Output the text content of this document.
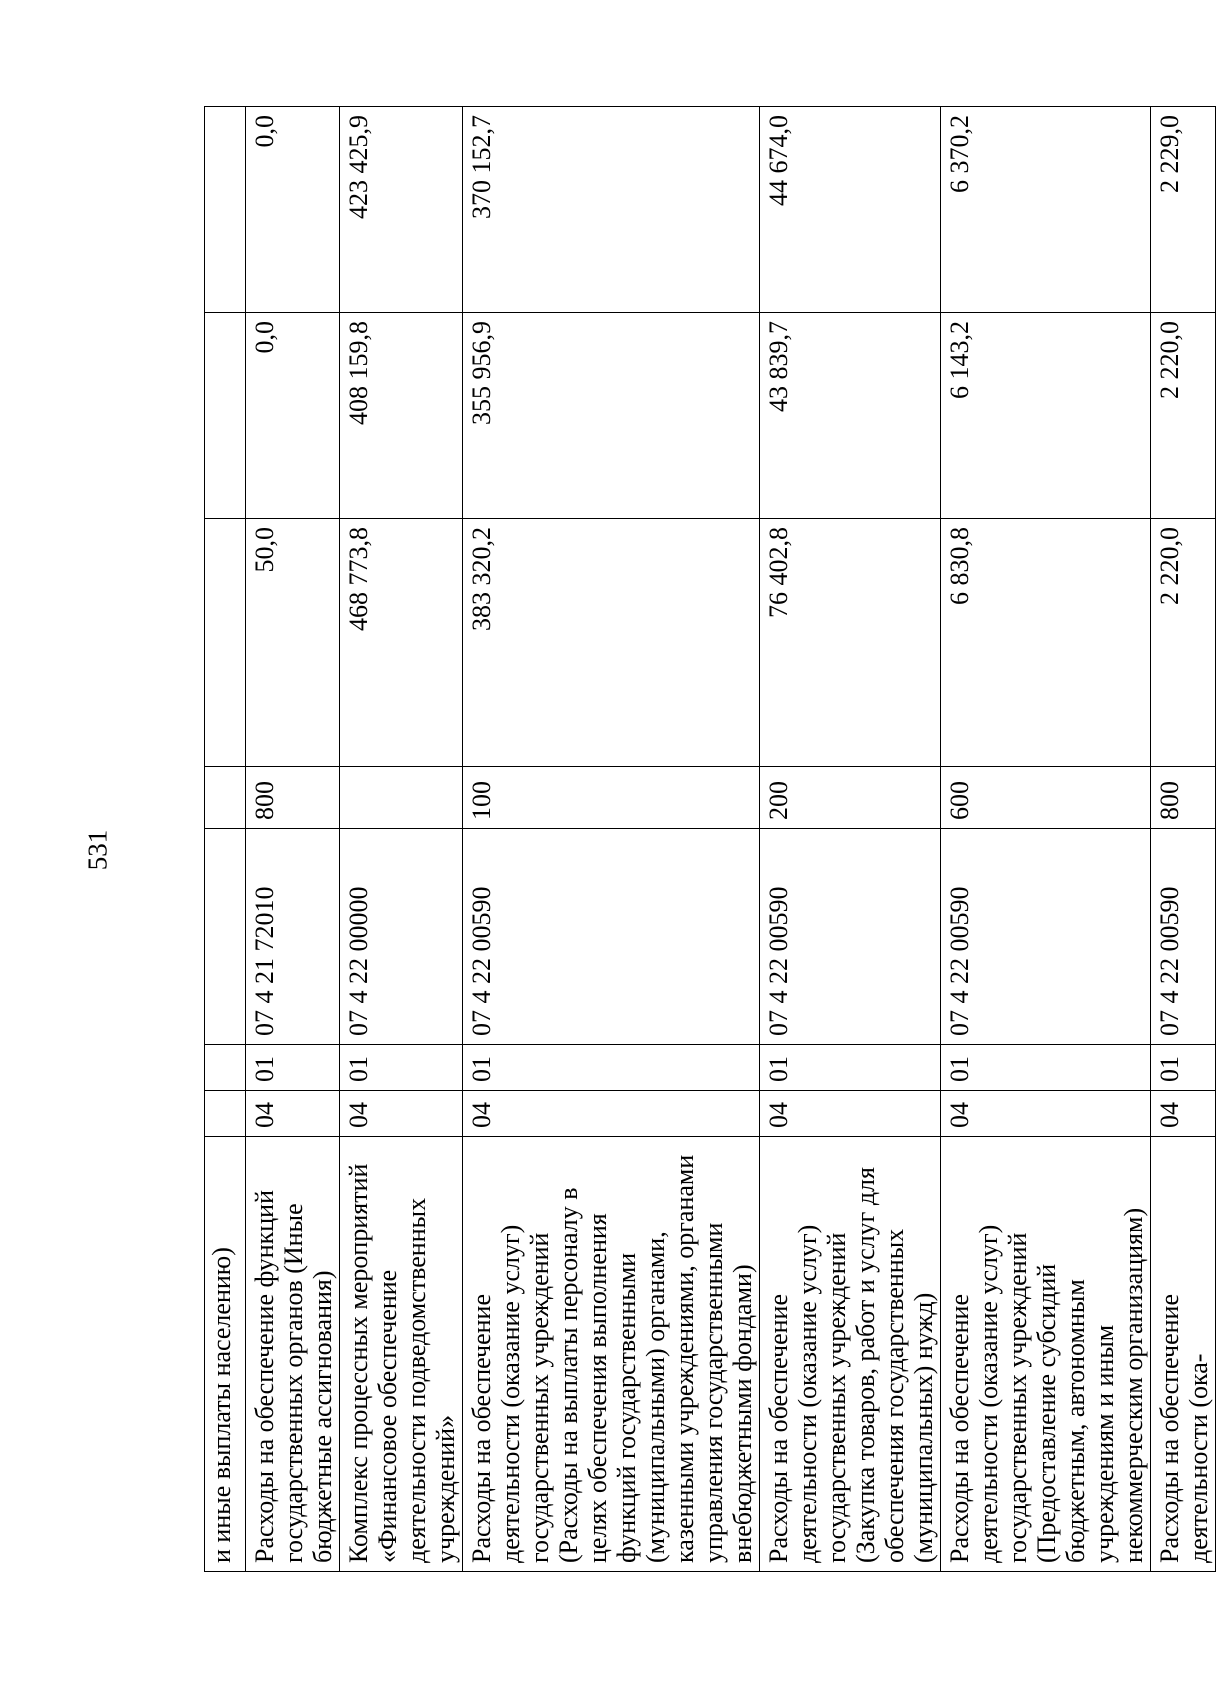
531
и иные выплаты населению)							
Расходы на обеспечение функций государственных органов (Иные бюджетные ассигнования)	04	01	07 4 21 72010	800	50,0	0,0	0,0
Комплекс процессных мероприятий «Финансовое обеспечение деятельности подведомственных учреждений»	04	01	07 4 22 00000		468 773,8	408 159,8	423 425,9
Расходы на обеспечение деятельности (оказание услуг) государственных учреждений (Расходы на выплаты персоналу в целях обеспечения выполнения функций государственными (муниципальными) органами, казенными учреждениями, органами управления государственными внебюджетными фондами)	04	01	07 4 22 00590	100	383 320,2	355 956,9	370 152,7
Расходы на обеспечение деятельности (оказание услуг) государственных учреждений (Закупка товаров, работ и услуг для обеспечения государственных (муниципальных) нужд)	04	01	07 4 22 00590	200	76 402,8	43 839,7	44 674,0
Расходы на обеспечение деятельности (оказание услуг) государственных учреждений (Предоставление субсидий бюджетным, автономным учреждениям и иным некоммерческим организациям)	04	01	07 4 22 00590	600	6 830,8	6 143,2	6 370,2
Расходы на обеспечение деятельности (ока-	04	01	07 4 22 00590	800	2 220,0	2 220,0	2 229,0
